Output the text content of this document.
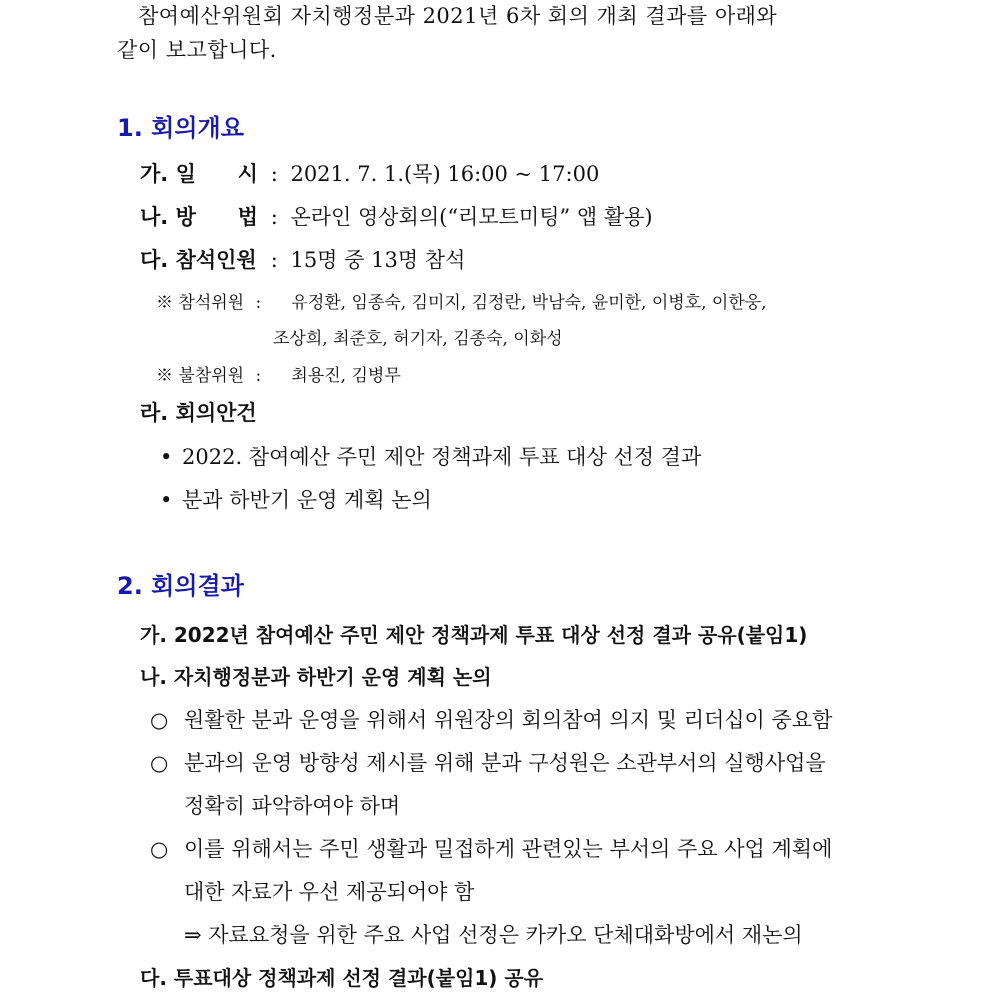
참여예산위원회 자치행정분과 2021년 6차 회의 개최 결과를 아래와
같이 보고합니다.
1. 회의개요
가. 일 시 : 2021. 7. 1.(목) 16:00 ~ 17:00
나. 방 법 : 온라인 영상회의(“리모트미팅” 앱 활용)
다. 참석인원 : 15명 중 13명 참석
※ 참석위원 : 유정환, 임종숙, 김미지, 김정란, 박남숙, 윤미한, 이병호, 이한웅,
조상희, 최준호, 허기자, 김종숙, 이화성
※ 불참위원 : 최용진, 김병무
라. 회의안건
• 2022. 참여예산 주민 제안 정책과제 투표 대상 선정 결과
• 분과 하반기 운영 계획 논의
2. 회의결과
가. 2022년 참여예산 주민 제안 정책과제 투표 대상 선정 결과 공유(붙임1)
나. 자치행정분과 하반기 운영 계획 논의
○ 원활한 분과 운영을 위해서 위원장의 회의참여 의지 및 리더십이 중요함
○ 분과의 운영 방향성 제시를 위해 분과 구성원은 소관부서의 실행사업을
정확히 파악하여야 하며
○ 이를 위해서는 주민 생활과 밀접하게 관련있는 부서의 주요 사업 계획에
대한 자료가 우선 제공되어야 함
⇒ 자료요청을 위한 주요 사업 선정은 카카오 단체대화방에서 재논의
다. 투표대상 정책과제 선정 결과(붙임1) 공유
